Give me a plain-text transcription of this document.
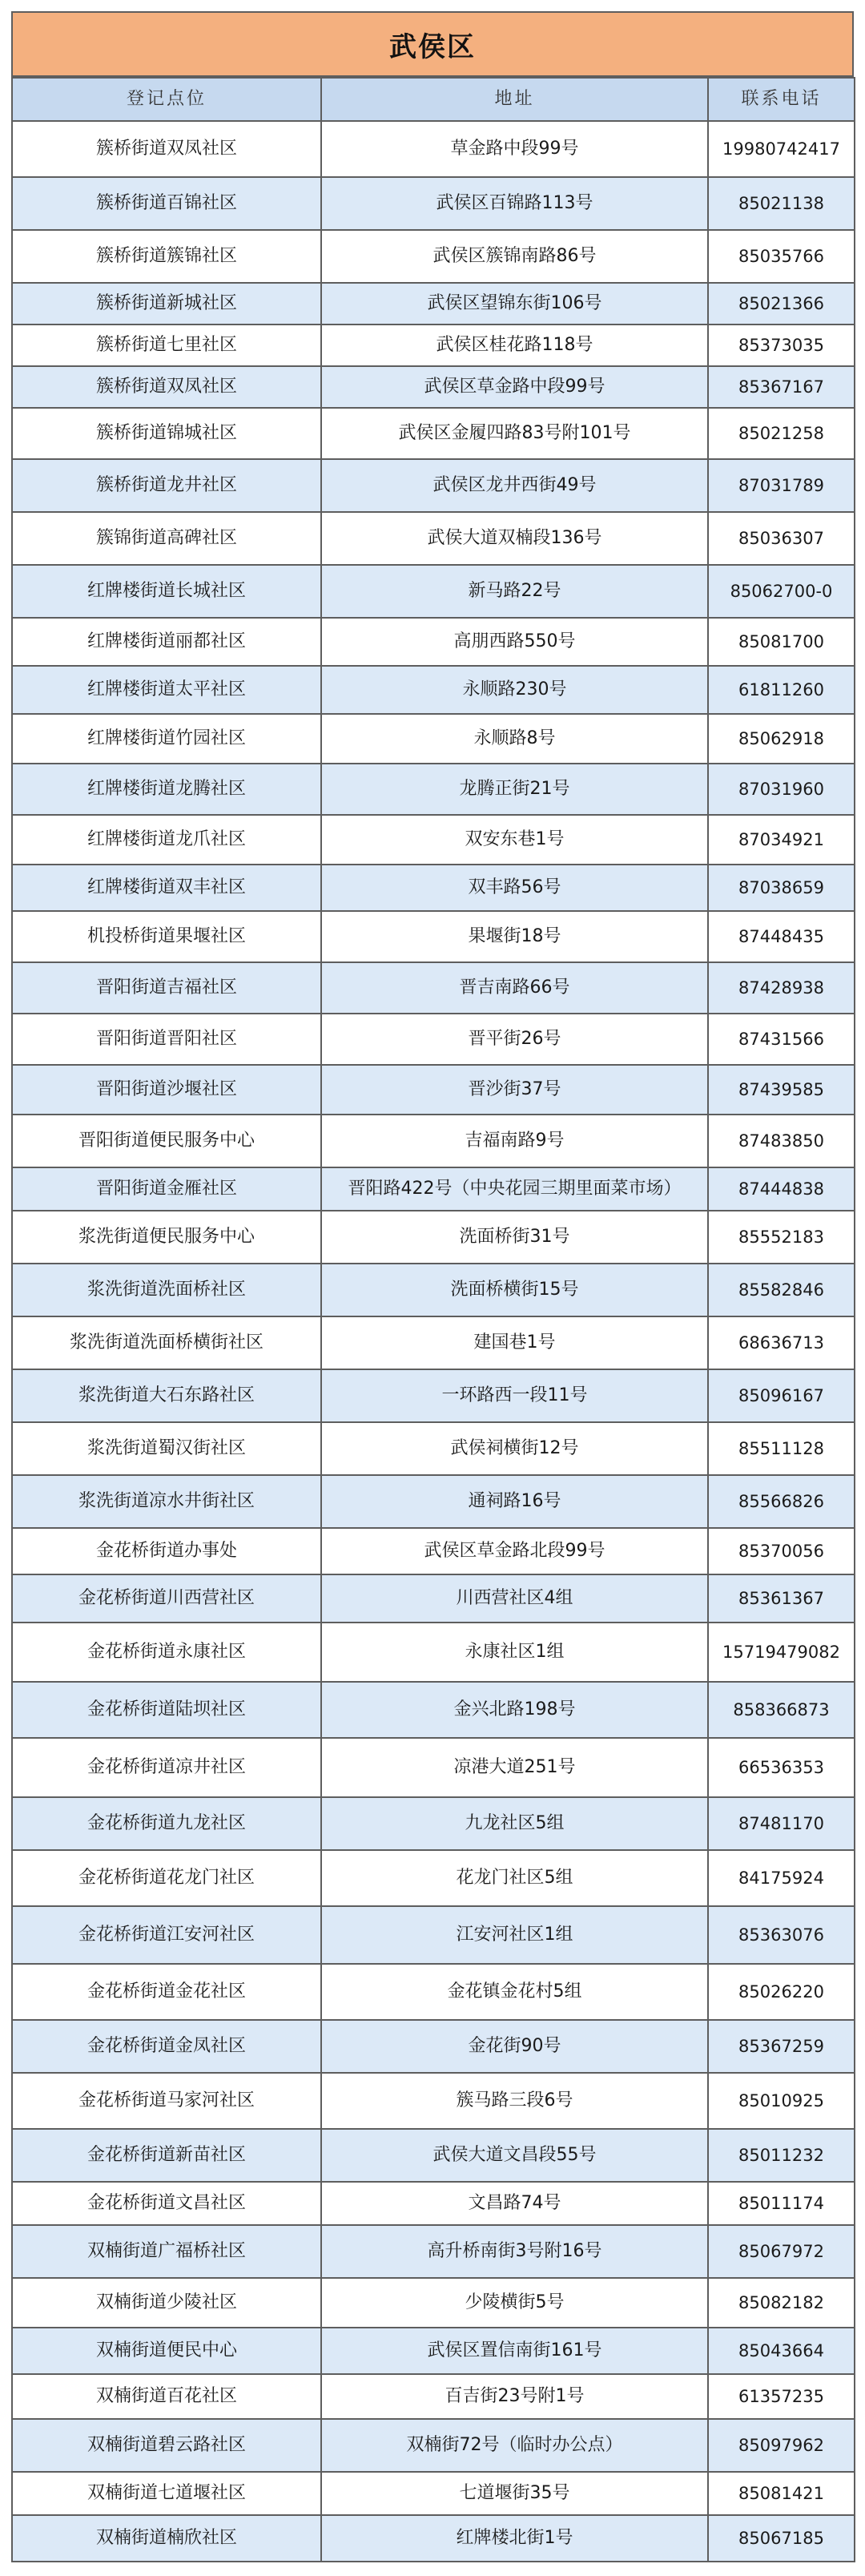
武侯区
登记点位	地址	联系电话
簇桥街道双凤社区	草金路中段99号	19980742417
簇桥街道百锦社区	武侯区百锦路113号	85021138
簇桥街道簇锦社区	武侯区簇锦南路86号	85035766
簇桥街道新城社区	武侯区望锦东街106号	85021366
簇桥街道七里社区	武侯区桂花路118号	85373035
簇桥街道双凤社区	武侯区草金路中段99号	85367167
簇桥街道锦城社区	武侯区金履四路83号附101号	85021258
簇桥街道龙井社区	武侯区龙井西街49号	87031789
簇锦街道高碑社区	武侯大道双楠段136号	85036307
红牌楼街道长城社区	新马路22号	85062700-0
红牌楼街道丽都社区	高朋西路550号	85081700
红牌楼街道太平社区	永顺路230号	61811260
红牌楼街道竹园社区	永顺路8号	85062918
红牌楼街道龙腾社区	龙腾正街21号	87031960
红牌楼街道龙爪社区	双安东巷1号	87034921
红牌楼街道双丰社区	双丰路56号	87038659
机投桥街道果堰社区	果堰街18号	87448435
晋阳街道吉福社区	晋吉南路66号	87428938
晋阳街道晋阳社区	晋平街26号	87431566
晋阳街道沙堰社区	晋沙街37号	87439585
晋阳街道便民服务中心	吉福南路9号	87483850
晋阳街道金雁社区	晋阳路422号（中央花园三期里面菜市场）	87444838
浆洗街道便民服务中心	洗面桥街31号	85552183
浆洗街道洗面桥社区	洗面桥横街15号	85582846
浆洗街道洗面桥横街社区	建国巷1号	68636713
浆洗街道大石东路社区	一环路西一段11号	85096167
浆洗街道蜀汉街社区	武侯祠横街12号	85511128
浆洗街道凉水井街社区	通祠路16号	85566826
金花桥街道办事处	武侯区草金路北段99号	85370056
金花桥街道川西营社区	川西营社区4组	85361367
金花桥街道永康社区	永康社区1组	15719479082
金花桥街道陆坝社区	金兴北路198号	858366873
金花桥街道凉井社区	凉港大道251号	66536353
金花桥街道九龙社区	九龙社区5组	87481170
金花桥街道花龙门社区	花龙门社区5组	84175924
金花桥街道江安河社区	江安河社区1组	85363076
金花桥街道金花社区	金花镇金花村5组	85026220
金花桥街道金凤社区	金花街90号	85367259
金花桥街道马家河社区	簇马路三段6号	85010925
金花桥街道新苗社区	武侯大道文昌段55号	85011232
金花桥街道文昌社区	文昌路74号	85011174
双楠街道广福桥社区	高升桥南街3号附16号	85067972
双楠街道少陵社区	少陵横街5号	85082182
双楠街道便民中心	武侯区置信南街161号	85043664
双楠街道百花社区	百吉街23号附1号	61357235
双楠街道碧云路社区	双楠街72号（临时办公点）	85097962
双楠街道七道堰社区	七道堰街35号	85081421
双楠街道楠欣社区	红牌楼北街1号	85067185
